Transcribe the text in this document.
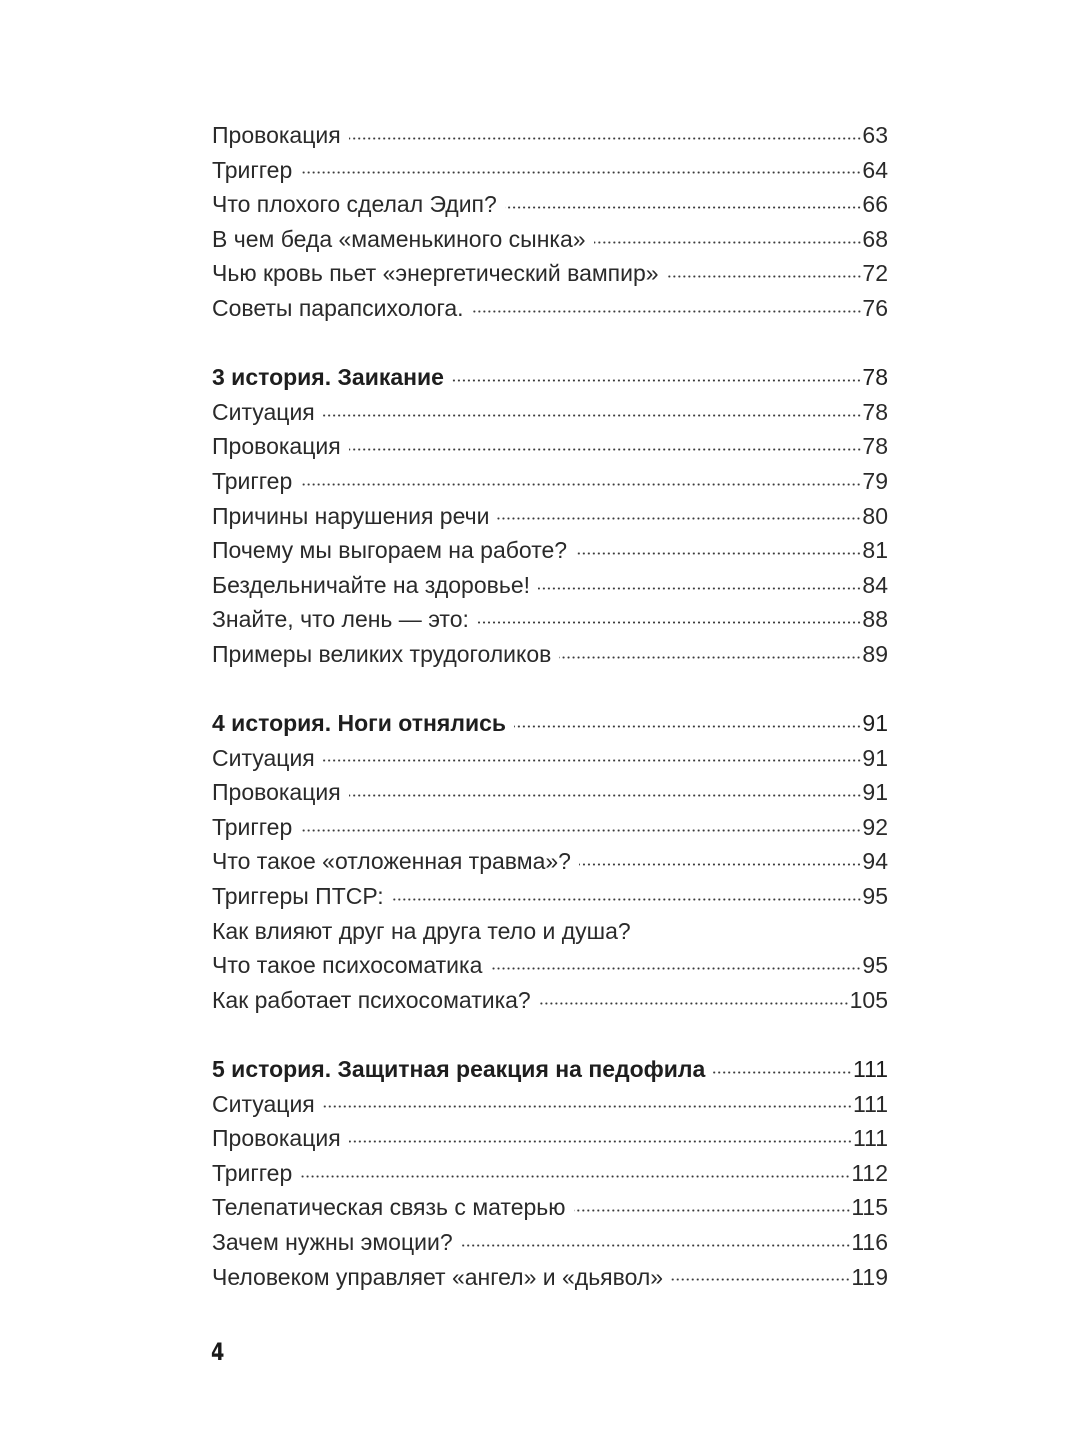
Провокация	63
Триггер	64
Что плохого сделал Эдип?	66
В чем беда «маменькиного сынка»	68
Чью кровь пьет «энергетический вампир»	72
Советы парапсихолога.	76
3 история. Заикание	78
Ситуация	78
Провокация	78
Триггер	79
Причины нарушения речи	80
Почему мы выгораем на работе?	81
Бездельничайте на здоровье!	84
Знайте, что лень — это:	88
Примеры великих трудоголиков	89
4 история. Ноги отнялись	91
Ситуация	91
Провокация	91
Триггер	92
Что такое «отложенная травма»?	94
Триггеры ПТСР:	95
Как влияют друг на друга тело и душа?
Что такое психосоматика	95
Как работает психосоматика?	105
5 история. Защитная реакция на педофила	111
Ситуация	111
Провокация	111
Триггер	112
Телепатическая связь с матерью	115
Зачем нужны эмоции?	116
Человеком управляет «ангел» и «дьявол»	119
4
